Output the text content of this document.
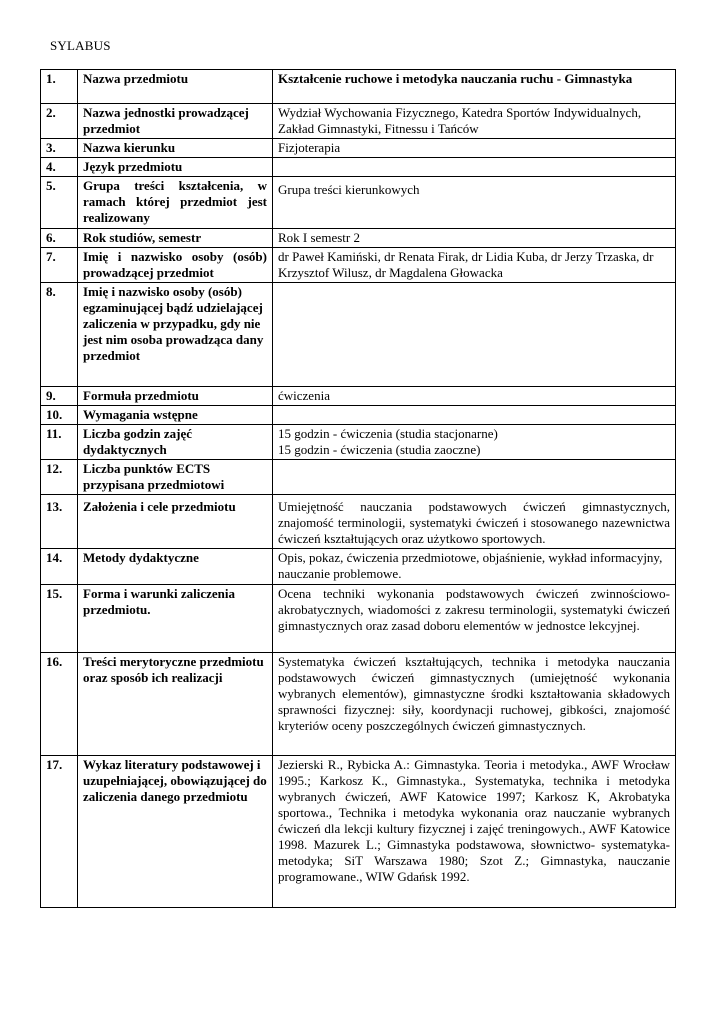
SYLABUS
1.	Nazwa przedmiotu	Kształcenie ruchowe i metodyka nauczania ruchu - Gimnastyka
2.	Nazwa jednostki prowadzącej przedmiot	Wydział Wychowania Fizycznego, Katedra Sportów Indywidualnych, Zakład Gimnastyki, Fitnessu i Tańców
3.	Nazwa kierunku	Fizjoterapia
4.	Język przedmiotu	
5.	Grupa treści kształcenia, w ramach której przedmiot jest realizowany	Grupa treści kierunkowych
6.	Rok studiów, semestr	Rok I semestr 2
7.	Imię i nazwisko osoby (osób) prowadzącej przedmiot	dr Paweł Kamiński, dr Renata Firak, dr Lidia Kuba, dr Jerzy Trzaska, dr Krzysztof Wilusz, dr Magdalena Głowacka
8.	Imię i nazwisko osoby (osób) egzaminującej bądź udzielającej zaliczenia w przypadku, gdy nie jest nim osoba prowadząca dany przedmiot	
9.	Formuła przedmiotu	ćwiczenia
10.	Wymagania wstępne	
11.	Liczba godzin zajęć dydaktycznych	15 godzin - ćwiczenia (studia stacjonarne)
15 godzin - ćwiczenia (studia zaoczne)

12.	Liczba punktów ECTS przypisana przedmiotowi	
13.	Założenia i cele przedmiotu	Umiejętność nauczania podstawowych ćwiczeń gimnastycznych, znajomość terminologii, systematyki ćwiczeń i stosowanego nazewnictwa ćwiczeń kształtujących oraz użytkowo sportowych.
14.	Metody dydaktyczne	Opis, pokaz, ćwiczenia przedmiotowe, objaśnienie, wykład informacyjny, nauczanie problemowe.
15.	Forma i warunki zaliczenia przedmiotu.	Ocena techniki wykonania podstawowych ćwiczeń zwinnościowo-akrobatycznych, wiadomości z zakresu terminologii, systematyki ćwiczeń gimnastycznych oraz zasad doboru elementów w jednostce lekcyjnej.
16.	Treści merytoryczne przedmiotu oraz sposób ich realizacji	Systematyka ćwiczeń kształtujących, technika i metodyka nauczania podstawowych ćwiczeń gimnastycznych (umiejętność wykonania wybranych elementów), gimnastyczne środki kształtowania składowych sprawności fizycznej: siły, koordynacji ruchowej, gibkości, znajomość kryteriów oceny poszczególnych ćwiczeń gimnastycznych.
17.	Wykaz literatury podstawowej i uzupełniającej, obowiązującej do zaliczenia danego przedmiotu	Jezierski R., Rybicka A.: Gimnastyka. Teoria i metodyka., AWF Wrocław 1995.; Karkosz K., Gimnastyka., Systematyka, technika i metodyka wybranych ćwiczeń, AWF Katowice 1997; Karkosz K, Akrobatyka sportowa., Technika i metodyka wykonania oraz nauczanie wybranych ćwiczeń dla lekcji kultury fizycznej i zajęć treningowych., AWF Katowice 1998. Mazurek L.; Gimnastyka podstawowa, słownictwo- systematyka-metodyka; SiT Warszawa 1980; Szot Z.; Gimnastyka, nauczanie programowane., WIW Gdańsk 1992.
